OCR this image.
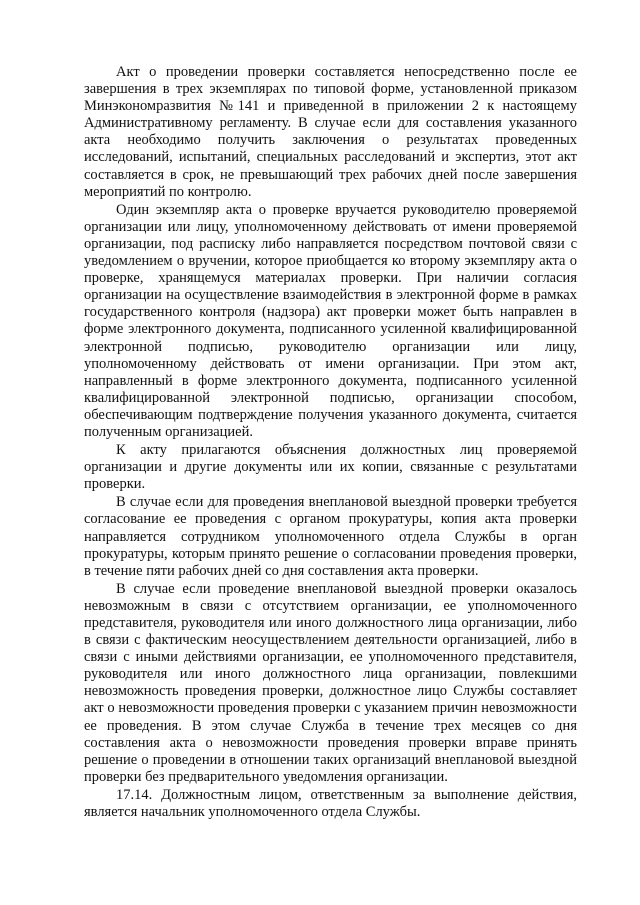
Акт о проведении проверки составляется непосредственно после ее завершения в трех экземплярах по типовой форме, установленной приказом Минэкономразвития №141 и приведенной в приложении 2 к настоящему Административному регламенту. В случае если для составления указанного акта необходимо получить заключения о результатах проведенных исследований, испытаний, специальных расследований и экспертиз, этот акт составляется в срок, не превышающий трех рабочих дней после завершения мероприятий по контролю.

Один экземпляр акта о проверке вручается руководителю проверяемой организации или лицу, уполномоченному действовать от имени проверяемой организации, под расписку либо направляется посредством почтовой связи с уведомлением о вручении, которое приобщается ко второму экземпляру акта о проверке, хранящемуся материалах проверки. При наличии согласия организации на осуществление взаимодействия в электронной форме в рамках государственного контроля (надзора) акт проверки может быть направлен в форме электронного документа, подписанного усиленной квалифицированной электронной подписью, руководителю организации или лицу, уполномоченному действовать от имени организации. При этом акт, направленный в форме электронного документа, подписанного усиленной квалифицированной электронной подписью, организации способом, обеспечивающим подтверждение получения указанного документа, считается полученным организацией.

К акту прилагаются объяснения должностных лиц проверяемой организации и другие документы или их копии, связанные с результатами проверки.

В случае если для проведения внеплановой выездной проверки требуется согласование ее проведения с органом прокуратуры, копия акта проверки направляется сотрудником уполномоченного отдела Службы в орган прокуратуры, которым принято решение о согласовании проведения проверки, в течение пяти рабочих дней со дня составления акта проверки.

В случае если проведение внеплановой выездной проверки оказалось невозможным в связи с отсутствием организации, ее уполномоченного представителя, руководителя или иного должностного лица организации, либо в связи с фактическим неосуществлением деятельности организацией, либо в связи с иными действиями организации, ее уполномоченного представителя, руководителя или иного должностного лица организации, повлекшими невозможность проведения проверки, должностное лицо Службы составляет акт о невозможности проведения проверки с указанием причин невозможности ее проведения. В этом случае Служба в течение трех месяцев со дня составления акта о невозможности проведения проверки вправе принять решение о проведении в отношении таких организаций внеплановой выездной проверки без предварительного уведомления организации.

17.14. Должностным лицом, ответственным за выполнение действия, является начальник уполномоченного отдела Службы.
